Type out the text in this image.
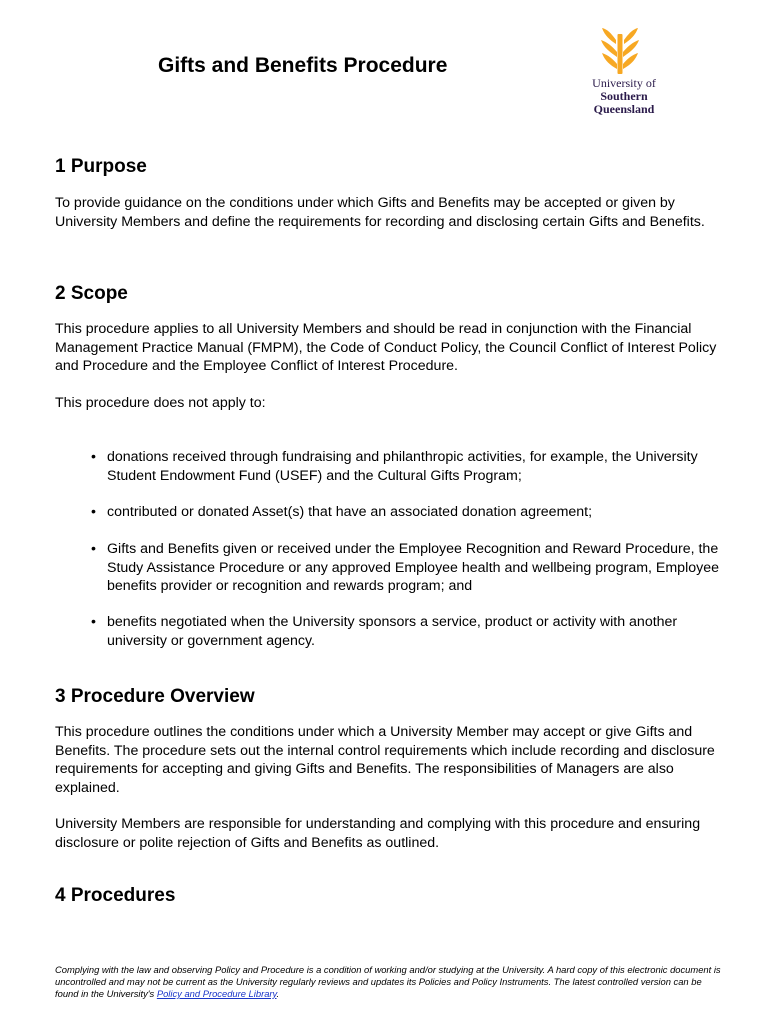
Gifts and Benefits Procedure
University of
Southern
Queensland
1 Purpose

To provide guidance on the conditions under which Gifts and Benefits may be accepted or given by University Members and define the requirements for recording and disclosing certain Gifts and Benefits.

2 Scope

This procedure applies to all University Members and should be read in conjunction with the Financial Management Practice Manual (FMPM), the Code of Conduct Policy, the Council Conflict of Interest Policy and Procedure and the Employee Conflict of Interest Procedure.

This procedure does not apply to:

• donations received through fundraising and philanthropic activities, for example, the University Student Endowment Fund (USEF) and the Cultural Gifts Program;
• contributed or donated Asset(s) that have an associated donation agreement;
• Gifts and Benefits given or received under the Employee Recognition and Reward Procedure, the Study Assistance Procedure or any approved Employee health and wellbeing program, Employee benefits provider or recognition and rewards program; and
• benefits negotiated when the University sponsors a service, product or activity with another university or government agency.
3 Procedure Overview

This procedure outlines the conditions under which a University Member may accept or give Gifts and Benefits. The procedure sets out the internal control requirements which include recording and disclosure requirements for accepting and giving Gifts and Benefits. The responsibilities of Managers are also explained.

University Members are responsible for understanding and complying with this procedure and ensuring disclosure or polite rejection of Gifts and Benefits as outlined.

4 Procedures
Complying with the law and observing Policy and Procedure is a condition of working and/or studying at the University. A hard copy of this electronic document is uncontrolled and may not be current as the University regularly reviews and updates its Policies and Policy Instruments. The latest controlled version can be found in the University's Policy and Procedure Library.
